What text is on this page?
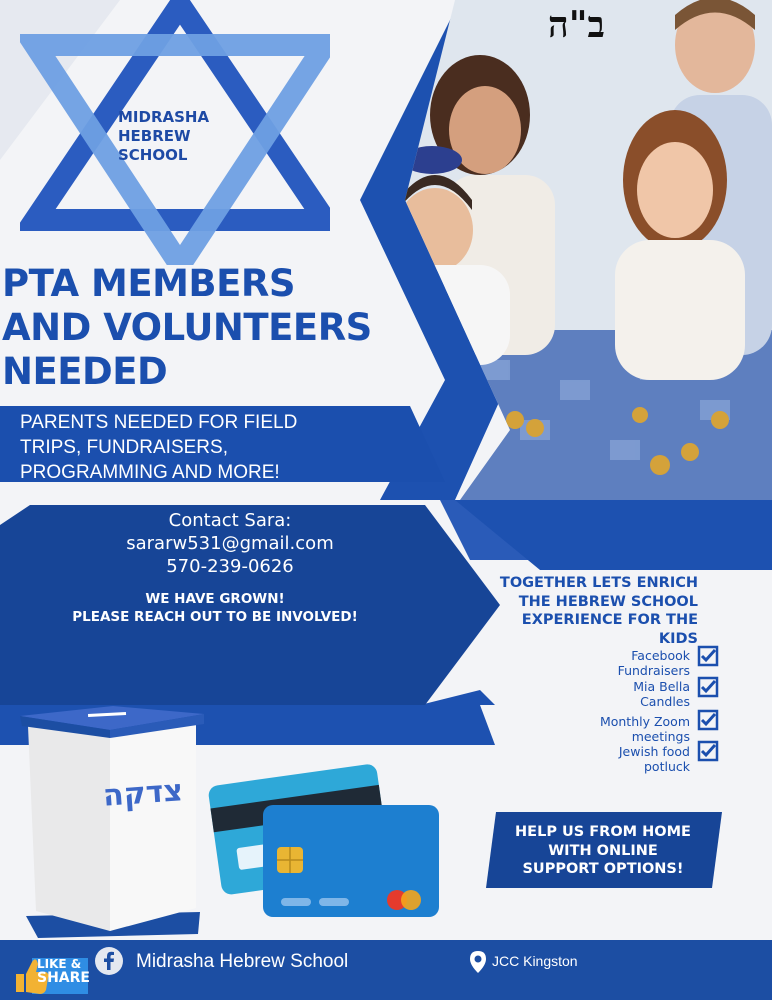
MIDRASHA
HEBREW
SCHOOL
ב"ה
PTA MEMBERS
AND VOLUNTEERS
NEEDED
PARENTS NEEDED FOR FIELD
TRIPS, FUNDRAISERS,
PROGRAMMING AND MORE!
Contact Sara:
sararw531@gmail.com
570-239-0626
WE HAVE GROWN!
PLEASE REACH OUT TO BE INVOLVED!
TOGETHER LETS ENRICH
THE HEBREW SCHOOL
EXPERIENCE FOR THE
KIDS
Facebook
Fundraisers
Mia Bella
Candles
Monthly Zoom
meetings
Jewish food
potluck
HELP US FROM HOME
WITH ONLINE
SUPPORT OPTIONS!
צדקה
LIKE &
SHARE
Midrasha Hebrew School	JCC Kingston
